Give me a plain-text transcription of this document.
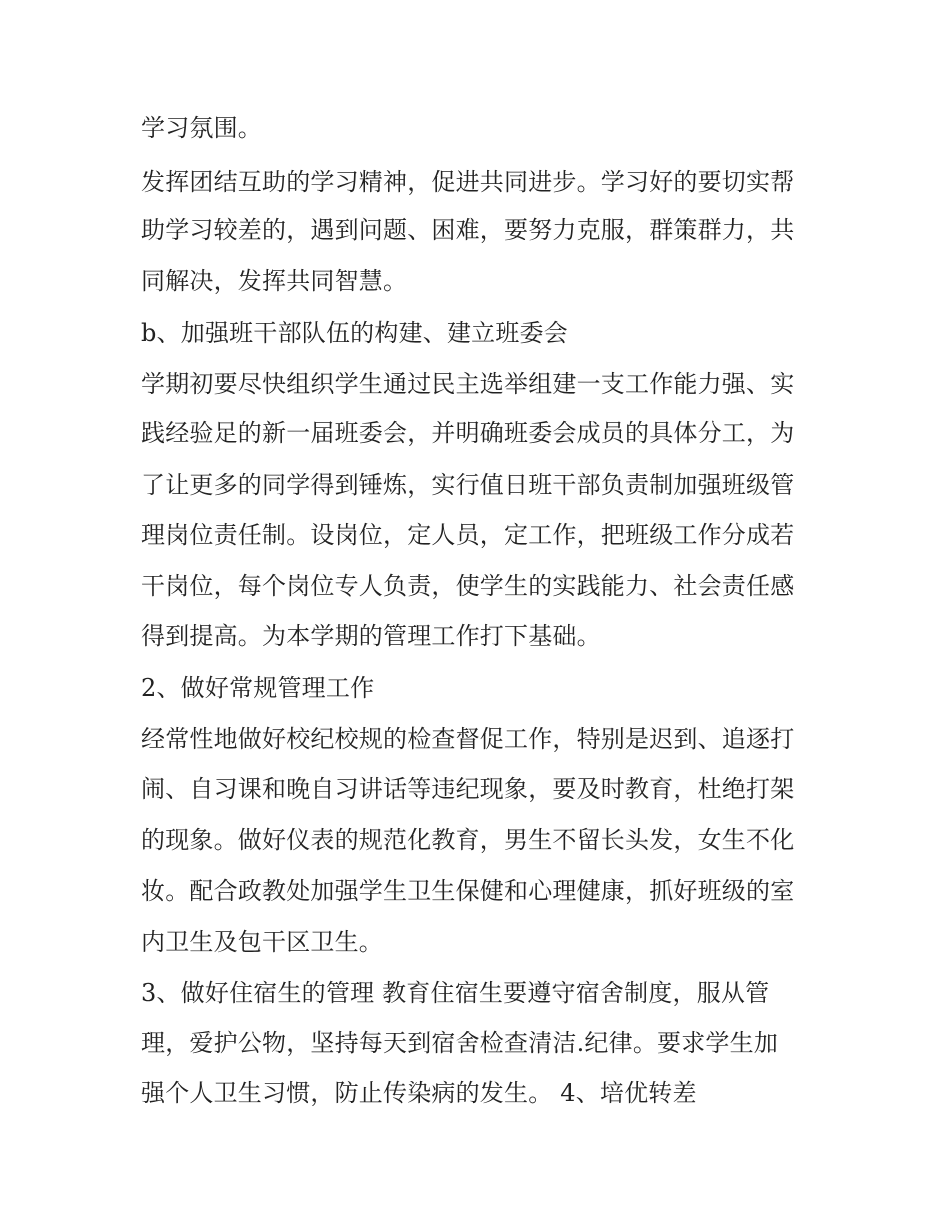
学习氛围。
发挥团结互助的学习精神，促进共同进步。学习好的要切实帮
助学习较差的，遇到问题、困难，要努力克服，群策群力，共
同解决，发挥共同智慧。
b、加强班干部队伍的构建、建立班委会
学期初要尽快组织学生通过民主选举组建一支工作能力强、实
践经验足的新一届班委会，并明确班委会成员的具体分工，为
了让更多的同学得到锤炼，实行值日班干部负责制加强班级管
理岗位责任制。设岗位，定人员，定工作，把班级工作分成若
干岗位，每个岗位专人负责，使学生的实践能力、社会责任感
得到提高。为本学期的管理工作打下基础。
2、做好常规管理工作
经常性地做好校纪校规的检查督促工作，特别是迟到、追逐打
闹、自习课和晚自习讲话等违纪现象，要及时教育，杜绝打架
的现象。做好仪表的规范化教育，男生不留长头发，女生不化
妆。配合政教处加强学生卫生保健和心理健康，抓好班级的室
内卫生及包干区卫生。
3、做好住宿生的管理 教育住宿生要遵守宿舍制度，服从管
理，爱护公物，坚持每天到宿舍检查清洁.纪律。要求学生加
强个人卫生习惯，防止传染病的发生。 4、培优转差
